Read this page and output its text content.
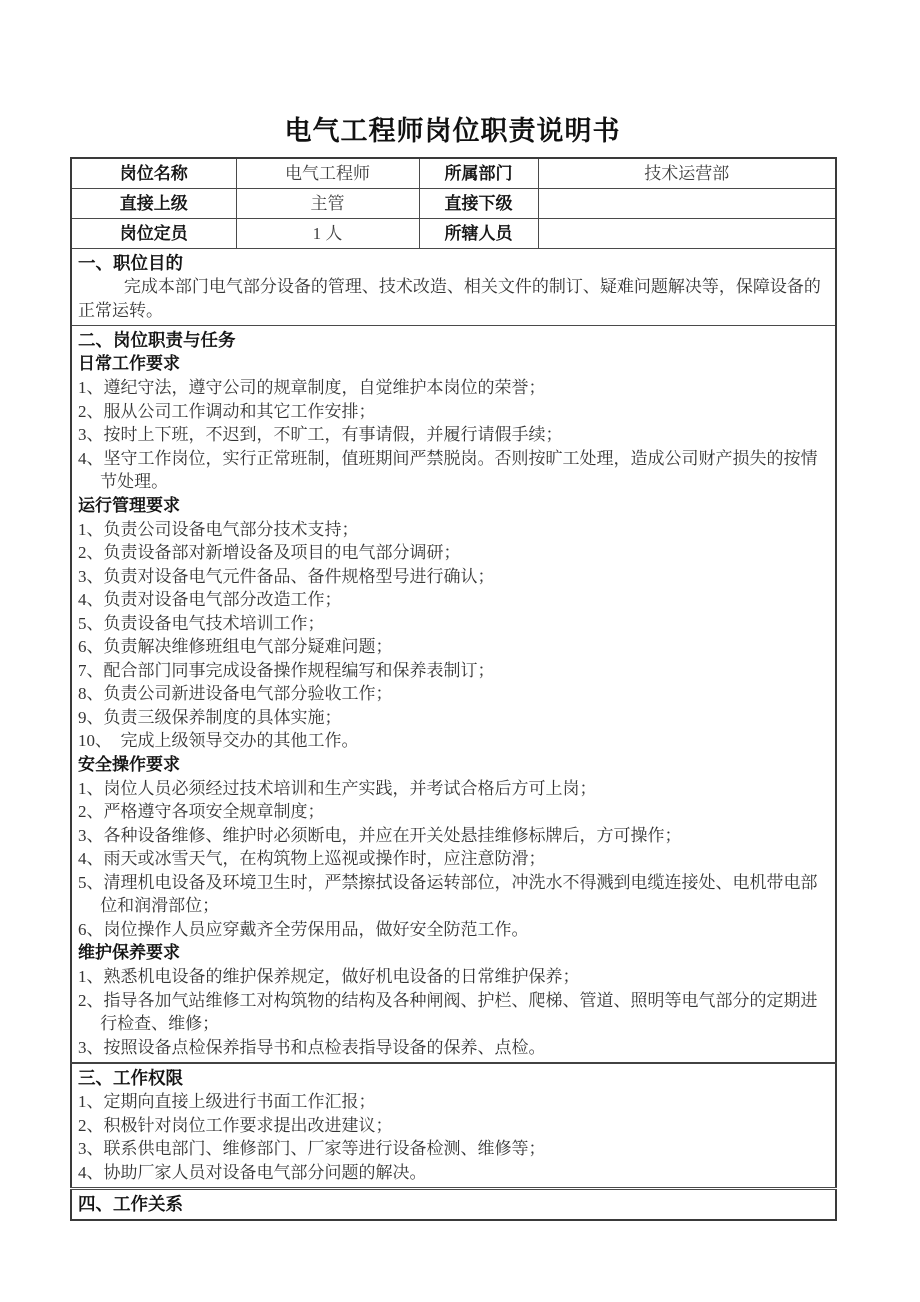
电气工程师岗位职责说明书
岗位名称	电气工程师	所属部门	技术运营部
直接上级	主管	直接下级	
岗位定员	1 人	所辖人员	

一、职位目的
完成本部门电气部分设备的管理、技术改造、相关文件的制订、疑难问题解决等，保障设备的正常运转。			

二、岗位职责与任务
日常工作要求
1、遵纪守法，遵守公司的规章制度，自觉维护本岗位的荣誉；
2、服从公司工作调动和其它工作安排；
3、按时上下班，不迟到，不旷工，有事请假，并履行请假手续；
4、坚守工作岗位，实行正常班制，值班期间严禁脱岗。否则按旷工处理，造成公司财产损失的按情节处理。
运行管理要求
1、负责公司设备电气部分技术支持；
2、负责设备部对新增设备及项目的电气部分调研；
3、负责对设备电气元件备品、备件规格型号进行确认；
4、负责对设备电气部分改造工作；
5、负责设备电气技术培训工作；
6、负责解决维修班组电气部分疑难问题；
7、配合部门同事完成设备操作规程编写和保养表制订；
8、负责公司新进设备电气部分验收工作；
9、负责三级保养制度的具体实施；
10、　完成上级领导交办的其他工作。
安全操作要求
1、岗位人员必须经过技术培训和生产实践，并考试合格后方可上岗；
2、严格遵守各项安全规章制度；
3、各种设备维修、维护时必须断电，并应在开关处悬挂维修标牌后，方可操作；
4、雨天或冰雪天气，在构筑物上巡视或操作时，应注意防滑；
5、清理机电设备及环境卫生时，严禁擦拭设备运转部位，冲洗水不得溅到电缆连接处、电机带电部位和润滑部位；
6、岗位操作人员应穿戴齐全劳保用品，做好安全防范工作。
维护保养要求
1、熟悉机电设备的维护保养规定，做好机电设备的日常维护保养；
2、指导各加气站维修工对构筑物的结构及各种闸阀、护栏、爬梯、管道、照明等电气部分的定期进行检查、维修；
3、按照设备点检保养指导书和点检表指导设备的保养、点检。

三、工作权限
1、定期向直接上级进行书面工作汇报；
2、积极针对岗位工作要求提出改进建议；
3、联系供电部门、维修部门、厂家等进行设备检测、维修等；
4、协助厂家人员对设备电气部分问题的解决。			

四、工作关系			
